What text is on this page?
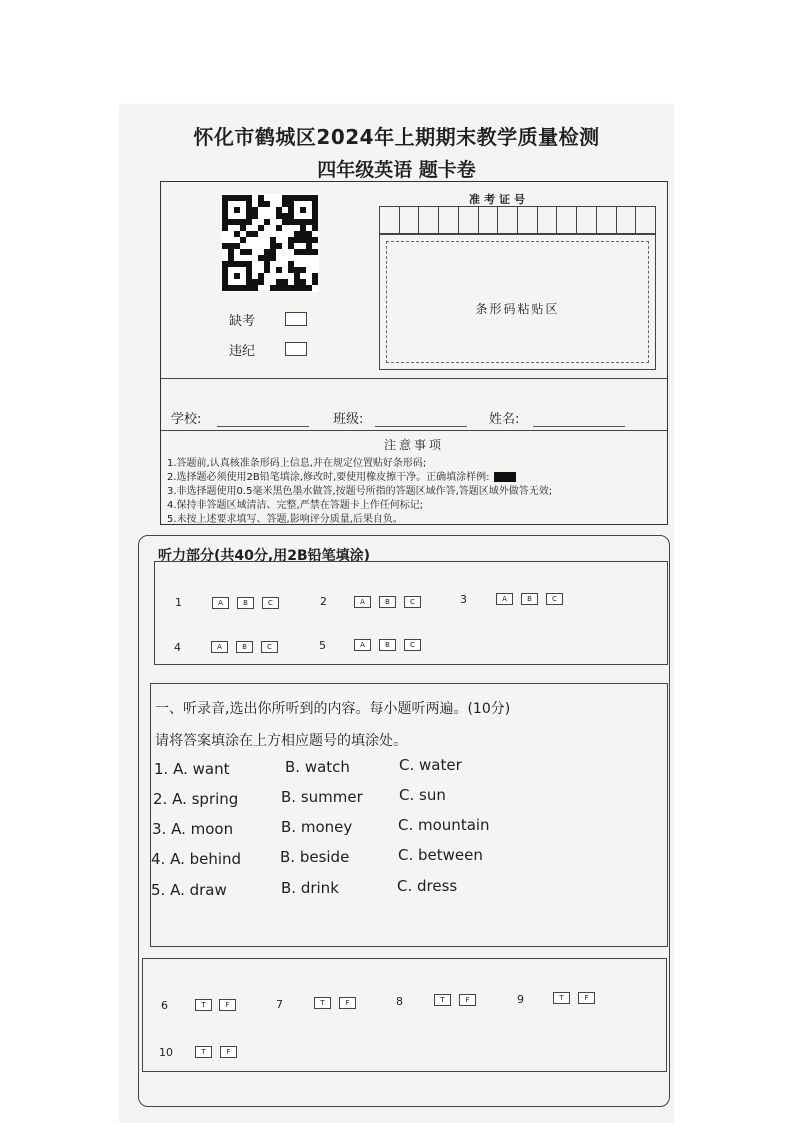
怀化市鹤城区2024年上期期末教学质量检测
四年级英语 题卡卷
缺考
违纪
准考证号
条形码粘贴区
学校:	班级:	姓名:
注意事项
1.答题前,认真核准条形码上信息,并在规定位置贴好条形码;
2.选择题必须使用2B铅笔填涂,修改时,要使用橡皮擦干净。正确填涂样例:
3.非选择题使用0.5毫米黑色墨水做答,按题号所指的答题区域作答,答题区域外做答无效;
4.保持非答题区域清洁、完整,严禁在答题卡上作任何标记;
5.未按上述要求填写、答题,影响评分质量,后果自负。
听力部分(共40分,用2B铅笔填涂)
1	A	B	C	2	A	B	C	3	A	B	C
4	A	B	C	5	A	B	C
一、听录音,选出你所听到的内容。每小题听两遍。(10分)
请将答案填涂在上方相应题号的填涂处。
1. A. want	B. watch	C. water
2. A. spring	B. summer C. sun
3. A. moon	B. money	C. mountain
4. A. behind	B. beside	C. between
5. A. draw	B. drink	C. dress
6	T	F	7	T	F	8	T	F	9	T	F
10	T	F
